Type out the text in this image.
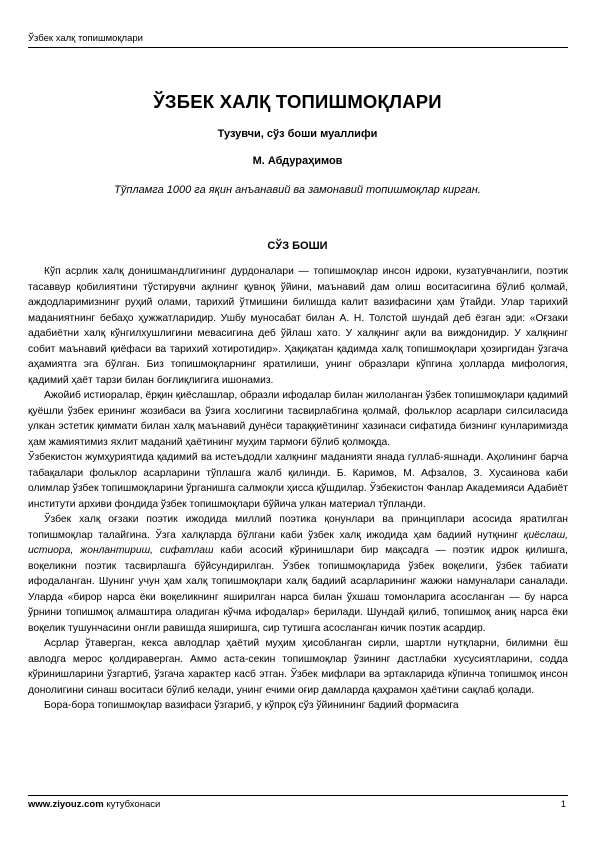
Ўзбек халқ топишмоқлари
ЎЗБЕК ХАЛҚ ТОПИШМОҚЛАРИ
Тузувчи, сўз боши муаллифи
М. Абдураҳимов
Тўпламга 1000 га яқин анъанавий ва замонавий топишмоқлар кирган.
СЎЗ БОШИ

Кўп асрлик халқ донишмандлигининг дурдоналари — топишмоқлар инсон идроки, кузатувчанлиги, поэтик тасаввур қобилиятини тўстирувчи ақлнинг қувноқ ўйини, маънавий дам олиш воситасигина бўлиб қолмай, аждодларимизнинг руҳий олами, тарихий ўтмишини билишда калит вазифасини ҳам ўтайди. Улар тарихий маданиятнинг бебаҳо ҳужжатларидир. Ушбу муносабат билан А. Н. Толстой шундай деб ёзган эди: «Оғзаки адабиётни халқ кўнгилхушлигини мевасигина деб ўйлаш хато. У халқнинг ақли ва виждонидир. У халқнинг собит маънавий қиёфаси ва тарихий хотиротидир». Ҳақиқатан қадимда халқ топишмоқлари ҳозиргидан ўзгача аҳамиятга эга бўлган. Биз топишмоқларнинг яратилиши, унинг образлари кўпгина ҳолларда мифология, қадимий ҳаёт тарзи билан боғлиқлигига ишонамиз.

Ажойиб истиоралар, ёрқин қиёслашлар, образли ифодалар билан жилоланган ўзбек топишмоқлари қадимий қуёшли ўзбек ерининг жозибаси ва ўзига хослигини тасвирлабгина қолмай, фольклор асарлари силсиласида улкан эстетик қиммати билан халқ маънавий дунёси тараққиётининг хазинаси сифатида бизнинг кунларимизда ҳам жамиятимиз яхлит маданий ҳаётининг муҳим тармоғи бўлиб қолмоқда.

Ўзбекистон жумҳуриятида қадимий ва истеъдодли халқнинг маданияти янада гуллаб-яшнади. Аҳолининг барча табақалари фольклор асарларини тўплашга жалб қилинди. Б. Каримов, М. Афзалов, З. Хусаинова каби олимлар ўзбек топишмоқларини ўрганишга салмоқли ҳисса қўшдилар. Ўзбекистон Фанлар Академияси Адабиёт институти архиви фондида ўзбек топишмоқлари бўйича улкан материал тўпланди.

Ўзбек халқ оғзаки поэтик ижодида миллий поэтика қонунлари ва принциплари асосида яратилган топишмоқлар талайгина. Ўзга халқларда бўлгани каби ўзбек халқ ижодида ҳам бадиий нутқнинг қиёслаш, истиора, жонлантириш, сифатлаш каби асосий кўринишлари бир мақсадга — поэтик идрок қилишга, воқеликни поэтик тасвирлашга бўйсундирилган. Ўзбек топишмоқларида ўзбек воқелиги, ўзбек табиати ифодаланган. Шунинг учун ҳам халқ топишмоқлари халқ бадиий асарларининг жажжи намуналари саналади. Уларда «бирор нарса ёки воқеликнинг яширилган нарса билан ўхшаш томонларига асосланган — бу нарса ўрнини топишмоқ алмаштира оладиган кўчма ифодалар» берилади. Шундай қилиб, топишмоқ аниқ нарса ёки воқелик тушунчасини онгли равишда яширишга, сир тутишга асосланган кичик поэтик асардир.

Асрлар ўтаверган, кекса авлодлар ҳаётий муҳим ҳисобланган сирли, шартли нутқларни, билимни ёш авлодга мерос қолдираверган. Аммо аста-секин топишмоқлар ўзининг дастлабки хусусиятларини, содда кўринишларини ўзгартиб, ўзгача характер касб этган. Ўзбек мифлари ва эртакларида кўпинча топишмоқ инсон донолигини синаш воситаси бўлиб келади, унинг ечими оғир дамларда қаҳрамон ҳаётини сақлаб қолади.

Бора-бора топишмоқлар вазифаси ўзгариб, у кўпроқ сўз ўйинининг бадиий формасига

www.ziyouz.com кутубхонаси	1
